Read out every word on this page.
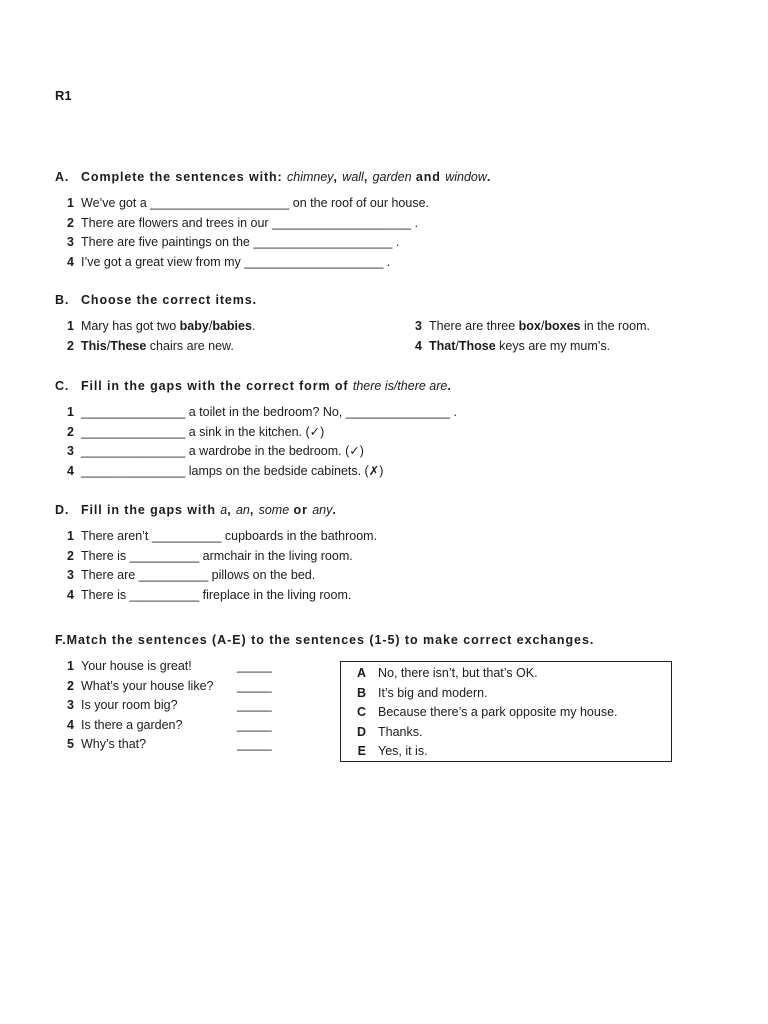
R1
A. Complete the sentences with: chimney, wall, garden and window.
1 We’ve got a ____________________ on the roof of our house.
2 There are flowers and trees in our ____________________ .
3 There are five paintings on the ____________________ .
4 I’ve got a great view from my ____________________ .
B. Choose the correct items.
1 Mary has got two baby/babies.
2 This/These chairs are new.
3 There are three box/boxes in the room.
4 That/Those keys are my mum’s.
C. Fill in the gaps with the correct form of there is/there are.
1 _______________ a toilet in the bedroom? No, _______________ .
2 _______________ a sink in the kitchen. (✓)
3 _______________ a wardrobe in the bedroom. (✓)
4 _______________ lamps on the bedside cabinets. (✗)
D. Fill in the gaps with a, an, some or any.
1 There aren’t __________ cupboards in the bathroom.
2 There is __________ armchair in the living room.
3 There are __________ pillows on the bed.
4 There is __________ fireplace in the living room.
F.Match the sentences (A-E) to the sentences (1-5) to make correct exchanges.
1 Your house is great!	_____
2 What’s your house like? _____
3 Is your room big?	_____
4 Is there a garden?	_____
5 Why’s that?	_____
A No, there isn’t, but that’s OK.
B It’s big and modern.
C Because there’s a park opposite my house.
D Thanks.
E Yes, it is.
